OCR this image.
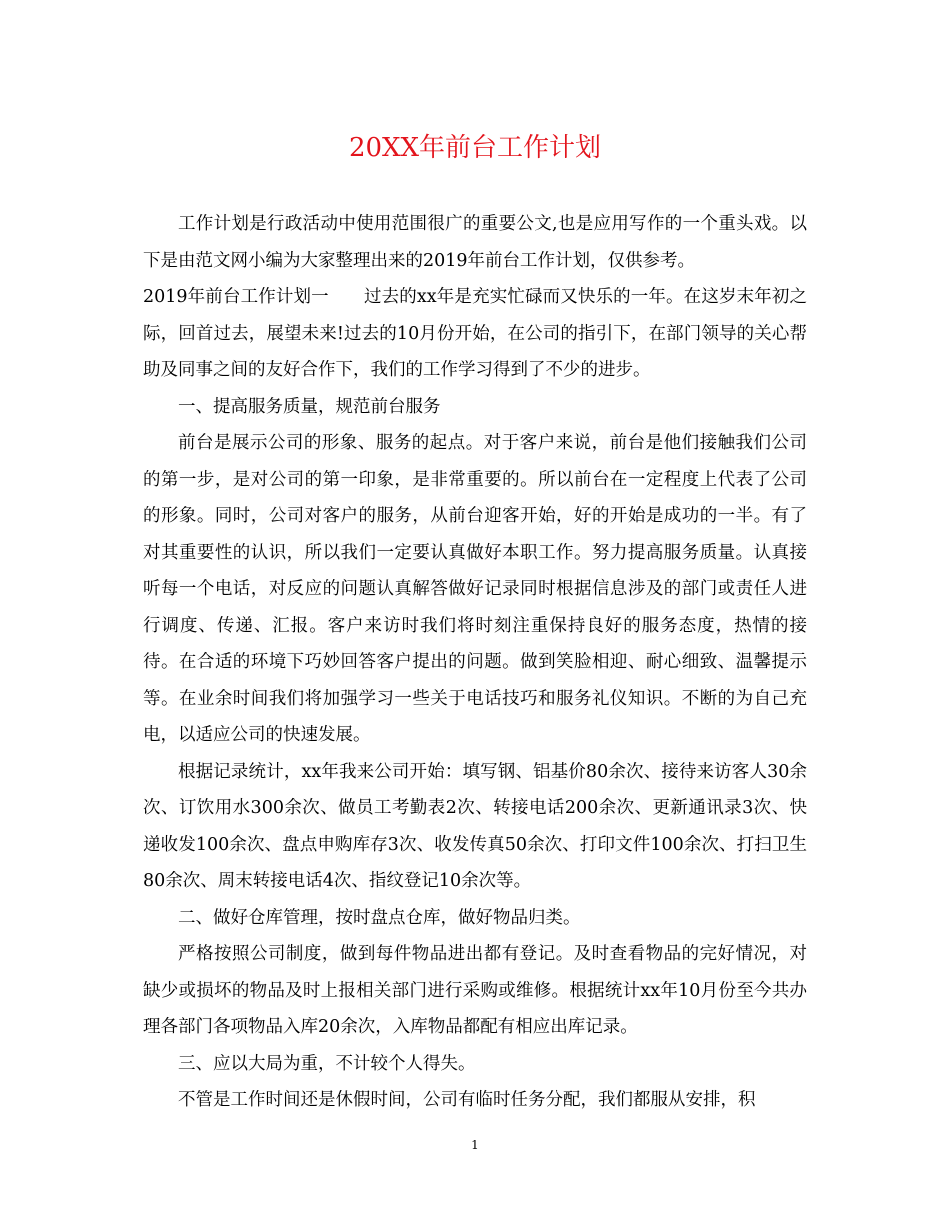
20XX年前台工作计划

工作计划是行政活动中使用范围很广的重要公文,也是应用写作的一个重头戏。以下是由范文网小编为大家整理出来的2019年前台工作计划，仅供参考。

2019年前台工作计划一　　过去的xx年是充实忙碌而又快乐的一年。在这岁末年初之际，回首过去，展望未来!过去的10月份开始，在公司的指引下，在部门领导的关心帮助及同事之间的友好合作下，我们的工作学习得到了不少的进步。

一、提高服务质量，规范前台服务

前台是展示公司的形象、服务的起点。对于客户来说，前台是他们接触我们公司的第一步，是对公司的第一印象，是非常重要的。所以前台在一定程度上代表了公司的形象。同时，公司对客户的服务，从前台迎客开始，好的开始是成功的一半。有了对其重要性的认识，所以我们一定要认真做好本职工作。努力提高服务质量。认真接听每一个电话，对反应的问题认真解答做好记录同时根据信息涉及的部门或责任人进行调度、传递、汇报。客户来访时我们将时刻注重保持良好的服务态度，热情的接待。在合适的环境下巧妙回答客户提出的问题。做到笑脸相迎、耐心细致、温馨提示等。在业余时间我们将加强学习一些关于电话技巧和服务礼仪知识。不断的为自己充电，以适应公司的快速发展。

根据记录统计，xx年我来公司开始：填写钢、铝基价80余次、接待来访客人30余次、订饮用水300余次、做员工考勤表2次、转接电话200余次、更新通讯录3次、快递收发100余次、盘点申购库存3次、收发传真50余次、打印文件100余次、打扫卫生80余次、周末转接电话4次、指纹登记10余次等。

二、做好仓库管理，按时盘点仓库，做好物品归类。

严格按照公司制度，做到每件物品进出都有登记。及时查看物品的完好情况，对缺少或损坏的物品及时上报相关部门进行采购或维修。根据统计xx年10月份至今共办理各部门各项物品入库20余次，入库物品都配有相应出库记录。

三、应以大局为重，不计较个人得失。

不管是工作时间还是休假时间，公司有临时任务分配，我们都服从安排，积

1
